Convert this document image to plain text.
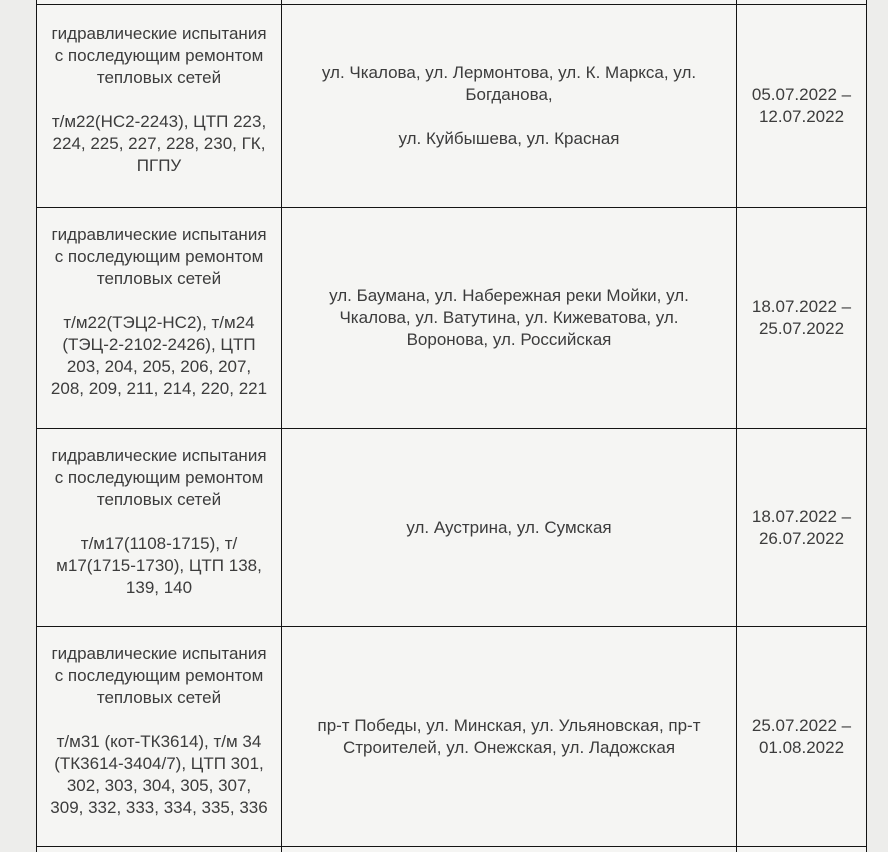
гидравлические испытания с последующим ремонтом тепловых сетей

т/м22(НС2-2243), ЦТП 223, 224, 225, 227, 228, 230, ГК, ПГПУ

ул. Чкалова, ул. Лермонтова, ул. К. Маркса, ул. Богданова,

ул. Куйбышева, ул. Красная

05.07.2022 – 12.07.2022

гидравлические испытания с последующим ремонтом тепловых сетей

т/м22(ТЭЦ2-НС2), т/м24 (ТЭЦ-2-2102-2426), ЦТП 203, 204, 205, 206, 207, 208, 209, 211, 214, 220, 221

ул. Баумана, ул. Набережная реки Мойки, ул. Чкалова, ул. Ватутина, ул. Кижеватова, ул. Воронова, ул. Российская

18.07.2022 – 25.07.2022

гидравлические испытания с последующим ремонтом тепловых сетей

т/м17(1108-1715), т/м17(1715-1730), ЦТП 138, 139, 140

ул. Аустрина, ул. Сумская

18.07.2022 – 26.07.2022

гидравлические испытания с последующим ремонтом тепловых сетей

т/м31 (кот-ТК3614), т/м 34 (ТК3614-3404/7), ЦТП 301, 302, 303, 304, 305, 307, 309, 332, 333, 334, 335, 336

пр-т Победы, ул. Минская, ул. Ульяновская, пр-т Строителей, ул. Онежская, ул. Ладожская

25.07.2022 – 01.08.2022
